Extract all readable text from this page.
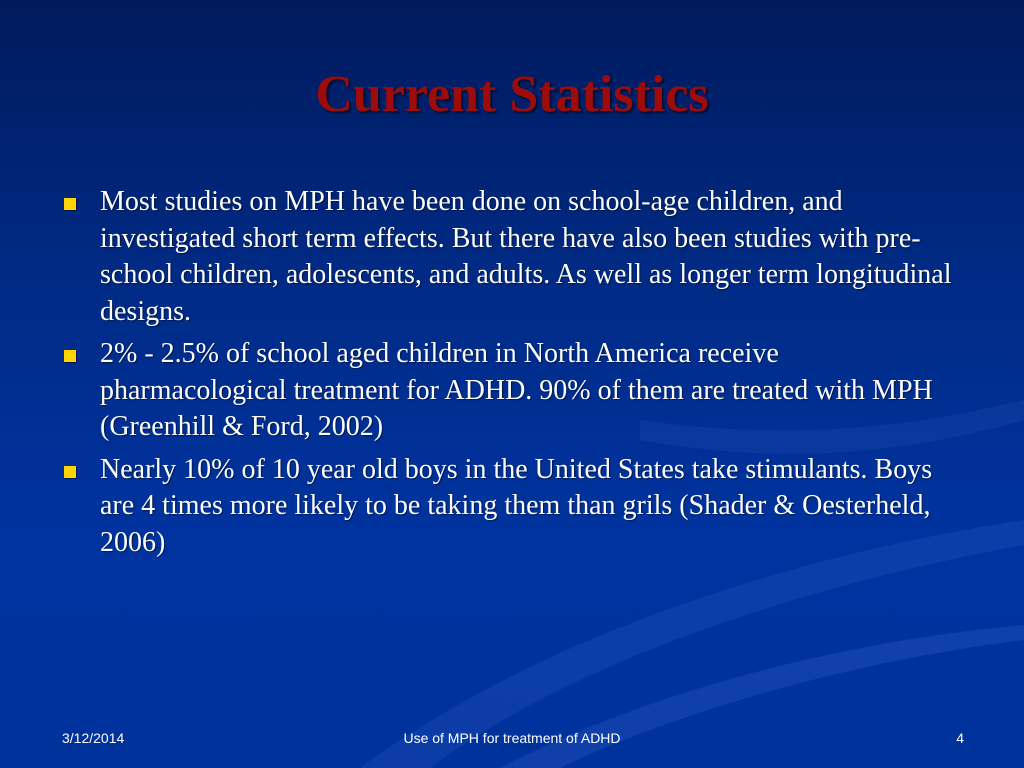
Current Statistics
Most studies on MPH have been done on school-age children, and investigated short term effects. But there have also been studies with pre-school children, adolescents, and adults. As well as longer term longitudinal designs.
2% - 2.5% of school aged children in North America receive pharmacological treatment for ADHD. 90% of them are treated with MPH (Greenhill & Ford, 2002)
Nearly 10% of 10 year old boys in the United States take stimulants. Boys are 4 times more likely to be taking them than grils (Shader & Oesterheld, 2006)
3/12/2014	Use of MPH for treatment of ADHD	4
